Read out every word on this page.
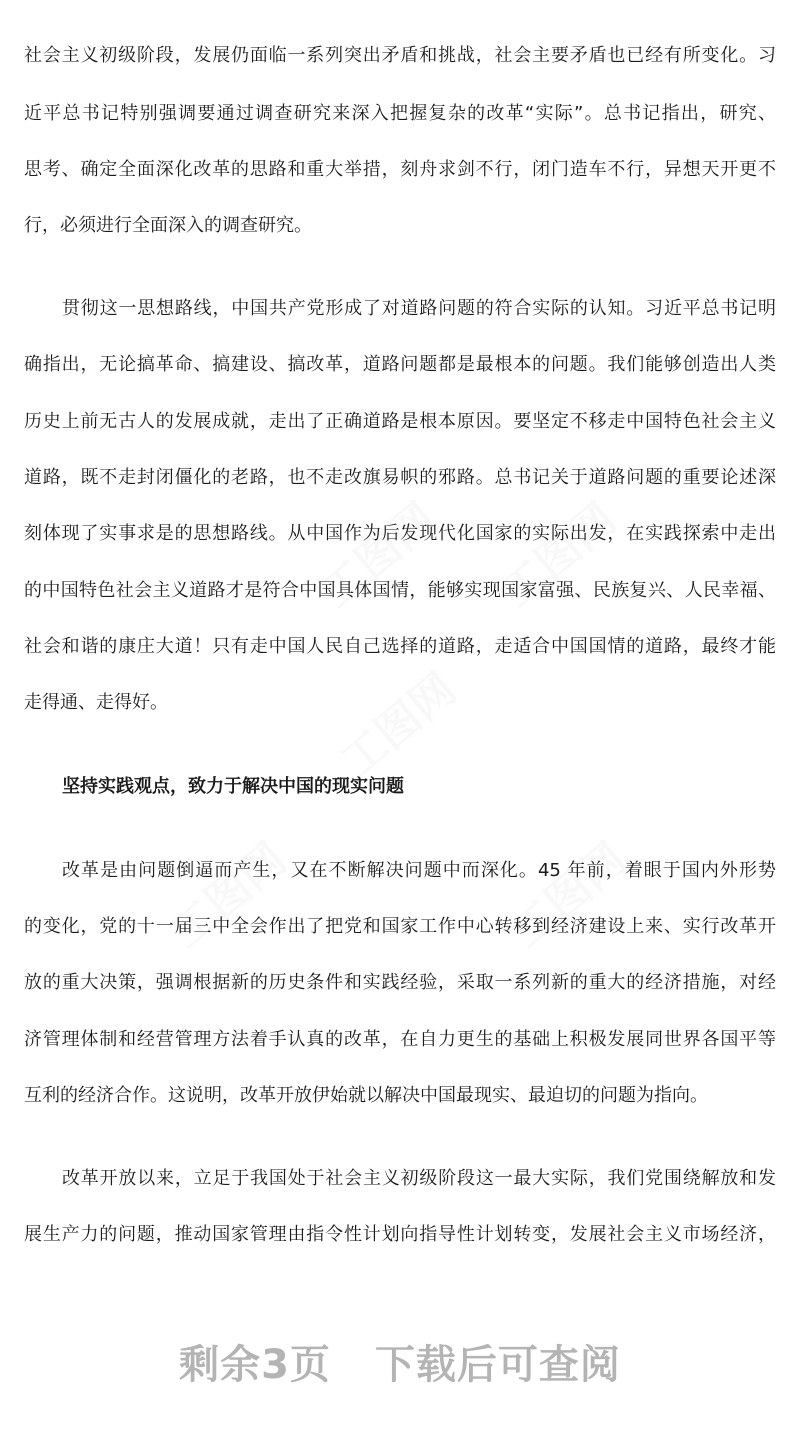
工图网 工图网
工图网
工图网	工图网
社会主义初级阶段，发展仍面临一系列突出矛盾和挑战，社会主要矛盾也已经有所变化。习
近平总书记特别强调要通过调查研究来深入把握复杂的改革“实际”。总书记指出，研究、
思考、确定全面深化改革的思路和重大举措，刻舟求剑不行，闭门造车不行，异想天开更不
行，必须进行全面深入的调查研究。
贯彻这一思想路线，中国共产党形成了对道路问题的符合实际的认知。习近平总书记明
确指出，无论搞革命、搞建设、搞改革，道路问题都是最根本的问题。我们能够创造出人类
历史上前无古人的发展成就，走出了正确道路是根本原因。要坚定不移走中国特色社会主义
道路，既不走封闭僵化的老路，也不走改旗易帜的邪路。总书记关于道路问题的重要论述深
刻体现了实事求是的思想路线。从中国作为后发现代化国家的实际出发，在实践探索中走出
的中国特色社会主义道路才是符合中国具体国情，能够实现国家富强、民族复兴、人民幸福、
社会和谐的康庄大道！只有走中国人民自己选择的道路，走适合中国国情的道路，最终才能
走得通、走得好。
坚持实践观点，致力于解决中国的现实问题
改革是由问题倒逼而产生，又在不断解决问题中而深化。45 年前，着眼于国内外形势
的变化，党的十一届三中全会作出了把党和国家工作中心转移到经济建设上来、实行改革开
放的重大决策，强调根据新的历史条件和实践经验，采取一系列新的重大的经济措施，对经
济管理体制和经营管理方法着手认真的改革，在自力更生的基础上积极发展同世界各国平等
互利的经济合作。这说明，改革开放伊始就以解决中国最现实、最迫切的问题为指向。
改革开放以来，立足于我国处于社会主义初级阶段这一最大实际，我们党围绕解放和发
展生产力的问题，推动国家管理由指令性计划向指导性计划转变，发展社会主义市场经济，
剩余3页 下载后可查阅
